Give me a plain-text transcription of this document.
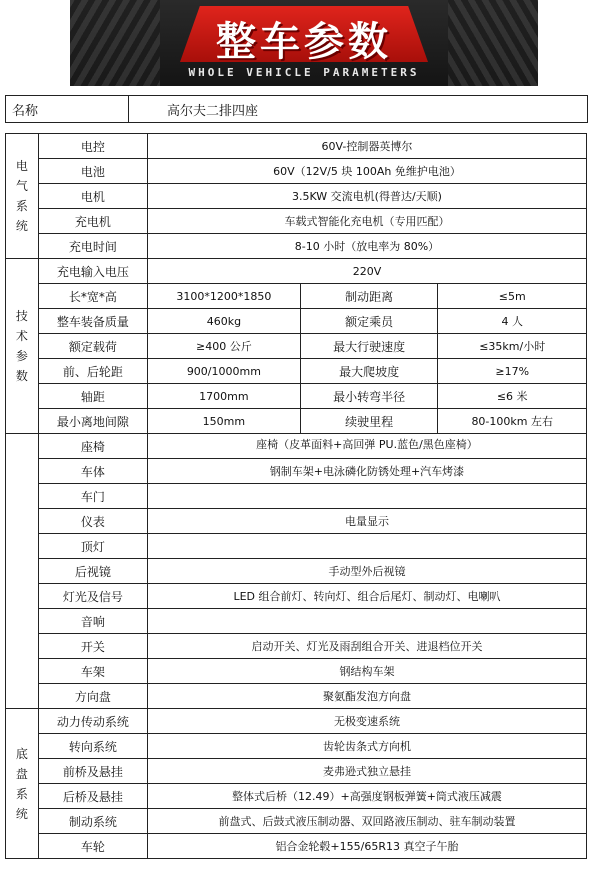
整车参数
WHOLE VEHICLE PARAMETERS
名称	高尔夫二排四座
电
气
系
统	电控	60V-控制器英博尔		
	电池	60V（12V/5 块 100Ah 免维护电池）		
	电机	3.5KW 交流电机(得普达/天顺)		
	充电机	车载式智能化充电机（专用匹配）		
	充电时间	8-10 小时（放电率为 80%）		

技
术
参
数	充电输入电压	220V		
	长*宽*高	3100*1200*1850	制动距离	≤5m
	整车装备质量	460kg	额定乘员	4 人
	额定载荷	≥400 公斤	最大行驶速度	≤35km/小时
	前、后轮距	900/1000mm	最大爬坡度	≥17%
	轴距	1700mm	最小转弯半径	≤6 米
	最小离地间隙	150mm	续驶里程	80-100km 左右
	座椅	座椅（皮革面料+高回弹 PU.蓝色/黑色座椅）		
	车体	钢制车架+电泳磷化防锈处理+汽车烤漆		
	车门			
	仪表	电量显示		
	顶灯			
	后视镜	手动型外后视镜		
	灯光及信号	LED 组合前灯、转向灯、组合后尾灯、制动灯、电喇叭		
	音响			
	开关	启动开关、灯光及雨刮组合开关、进退档位开关		
	车架	钢结构车架		
	方向盘	聚氨酯发泡方向盘		

底
盘
系
统	动力传动系统	无极变速系统		
	转向系统	齿轮齿条式方向机		
	前桥及悬挂	麦弗逊式独立悬挂		
	后桥及悬挂	整体式后桥（12.49）+高强度钢板弹簧+筒式液压减震		
	制动系统	前盘式、后鼓式液压制动器、双回路液压制动、驻车制动装置		
	车轮	铝合金轮毂+155/65R13 真空子午胎		
